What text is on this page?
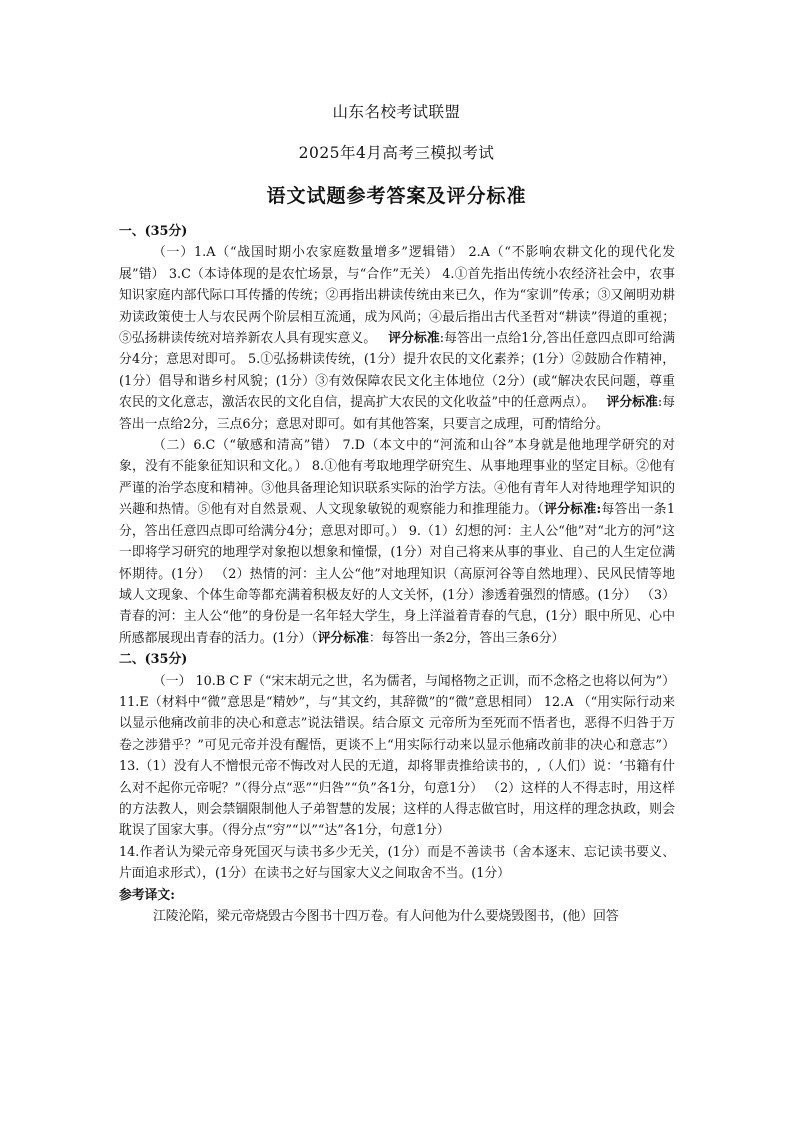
山东名校考试联盟
2025年4月高考三模拟考试
语文试题参考答案及评分标准
一、(35分)

（一）1.A（“战国时期小农家庭数量增多”逻辑错） 2.A（“不影响农耕文化的现代化发展”错） 3.C（本诗体现的是农忙场景，与“合作”无关） 4.①首先指出传统小农经济社会中，农事知识家庭内部代际口耳传播的传统；②再指出耕读传统由来已久，作为“家训”传承；③又阐明劝耕劝读政策使士人与农民两个阶层相互流通，成为风尚；④最后指出古代圣哲对“耕读”得道的重视；⑤弘扬耕读传统对培养新农人具有现实意义。 评分标准:每答出一点给1分,答出任意四点即可给满分4分；意思对即可。 5.①弘扬耕读传统，(1分）提升农民的文化素养；(1分）②鼓励合作精神，(1分）倡导和谐乡村风貌；(1分）③有效保障农民文化主体地位（2分）(或“解决农民问题，尊重农民的文化意志，激活农民的文化自信，提高扩大农民的文化收益”中的任意两点）。 评分标准:每答出一点给2分，三点6分；意思对即可。如有其他答案，只要言之成理，可酌情给分。

（二）6.C（“敏感和清高”错） 7.D（本文中的“河流和山谷”本身就是他地理学研究的对象，没有不能象征知识和文化。） 8.①他有考取地理学研究生、从事地理事业的坚定目标。②他有严谨的治学态度和精神。③他具备理论知识联系实际的治学方法。④他有青年人对待地理学知识的兴趣和热情。⑤他有对自然景观、人文现象敏锐的观察能力和推理能力。（评分标准:每答出一条1分，答出任意四点即可给满分4分；意思对即可。） 9.（1）幻想的河：主人公“他”对“北方的河”这一即将学习研究的地理学对象抱以想象和憧憬，(1分）对自己将来从事的事业、自己的人生定位满怀期待。(1分） （2）热情的河：主人公“他”对地理知识（高原河谷等自然地理）、民风民情等地域人文现象、个体生命等都充满着积极友好的人文关怀，(1分）渗透着强烈的情感。(1分） （3）青春的河：主人公“他”的身份是一名年轻大学生，身上洋溢着青春的气息，(1分）眼中所见、心中所感都展现出青春的活力。(1分）（评分标准：每答出一条2分，答出三条6分）

二、(35分)

（一） 10.B C F（“宋末胡元之世，名为儒者，与闻格物之正训，而不念格之也将以何为”） 11.E（材料中“微”意思是“精妙”，与“其文约，其辞微”的“微”意思相同） 12.A （“用实际行动来以显示他痛改前非的决心和意志”说法错误。结合原文 元帝所为至死而不悟者也，恶得不归咎于万卷之涉猎乎？”可见元帝并没有醒悟，更谈不上“用实际行动来以显示他痛改前非的决心和意志”） 13.（1）没有人不憎恨元帝不悔改对人民的无道，却将罪责推给读书的，,（人们）说：‘书籍有什么对不起你元帝呢？”（得分点“恶”“归咎”“负”各1分，句意1分） （2）这样的人不得志时，用这样的方法教人，则会禁锢限制他人子弟智慧的发展；这样的人得志做官时，用这样的理念执政，则会耽误了国家大事。（得分点“穷”“以”“达”各1分，句意1分）

14.作者认为梁元帝身死国灭与读书多少无关，(1分）而是不善读书（舍本逐末、忘记读书要义、片面追求形式），(1分）在读书之好与国家大义之间取舍不当。(1分）

参考译文:

江陵沦陷，梁元帝烧毁古今图书十四万卷。有人问他为什么要烧毁图书，(他）回答
